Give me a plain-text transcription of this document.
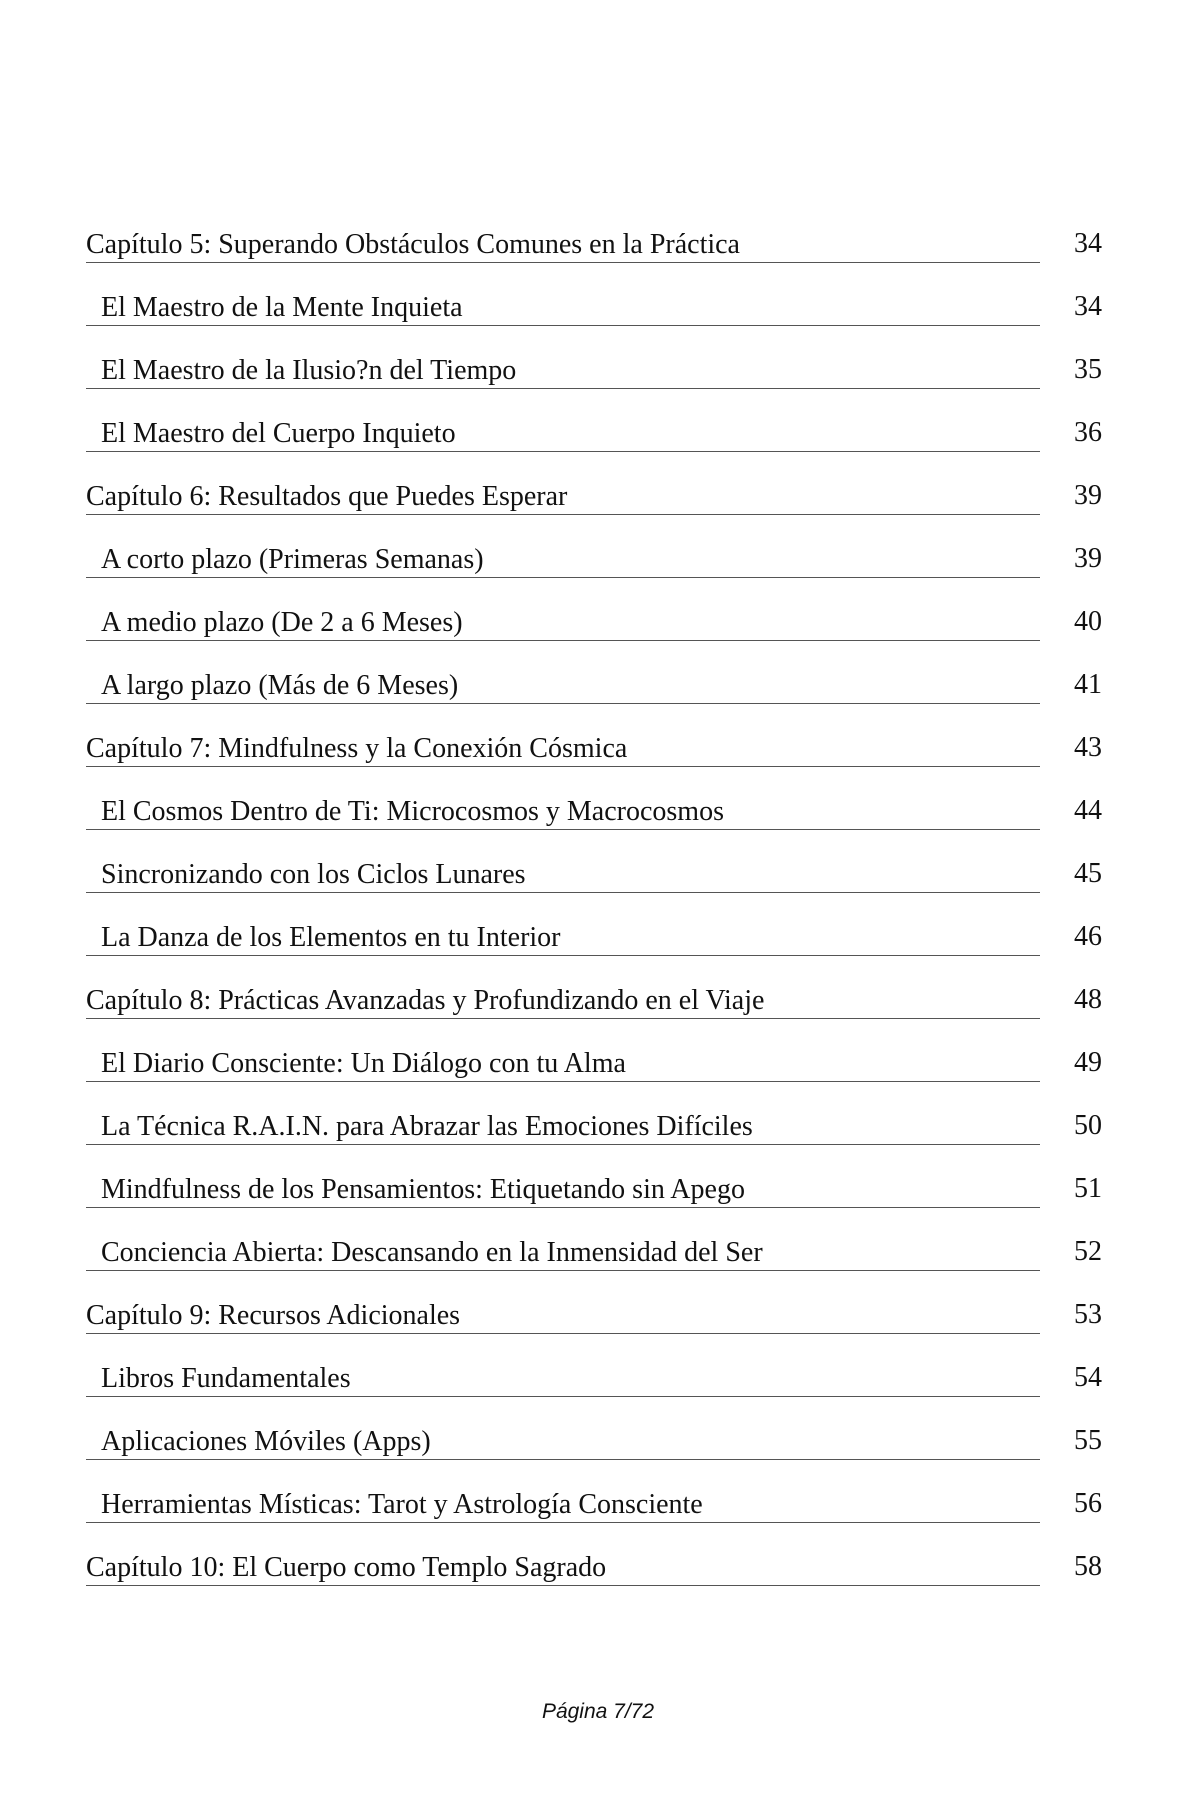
Capítulo 5: Superando Obstáculos Comunes en la Práctica	34
El Maestro de la Mente Inquieta	34
El Maestro de la Ilusio?n del Tiempo	35
El Maestro del Cuerpo Inquieto	36
Capítulo 6: Resultados que Puedes Esperar	39
A corto plazo (Primeras Semanas)	39
A medio plazo (De 2 a 6 Meses)	40
A largo plazo (Más de 6 Meses)	41
Capítulo 7: Mindfulness y la Conexión Cósmica	43
El Cosmos Dentro de Ti: Microcosmos y Macrocosmos	44
Sincronizando con los Ciclos Lunares	45
La Danza de los Elementos en tu Interior	46
Capítulo 8: Prácticas Avanzadas y Profundizando en el Viaje	48
El Diario Consciente: Un Diálogo con tu Alma	49
La Técnica R.A.I.N. para Abrazar las Emociones Difíciles	50
Mindfulness de los Pensamientos: Etiquetando sin Apego	51
Conciencia Abierta: Descansando en la Inmensidad del Ser	52
Capítulo 9: Recursos Adicionales	53
Libros Fundamentales	54
Aplicaciones Móviles (Apps)	55
Herramientas Místicas: Tarot y Astrología Consciente	56
Capítulo 10: El Cuerpo como Templo Sagrado	58
Página 7/72
